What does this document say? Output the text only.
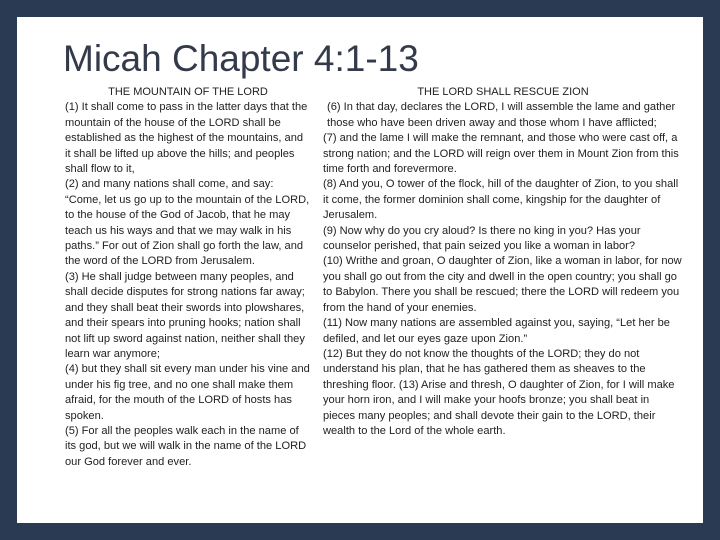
Micah Chapter 4:1-13
THE MOUNTAIN OF THE LORD
(1) It shall come to pass in the latter days that the mountain of the house of the LORD shall be established as the highest of the mountains, and it shall be lifted up above the hills; and peoples shall flow to it,
(2) and many nations shall come, and say: “Come, let us go up to the mountain of the LORD, to the house of the God of Jacob, that he may teach us his ways and that we may walk in his paths.” For out of Zion shall go forth the law, and the word of the LORD from Jerusalem.
(3) He shall judge between many peoples, and shall decide disputes for strong nations far away; and they shall beat their swords into plowshares, and their spears into pruning hooks; nation shall not lift up sword against nation, neither shall they learn war anymore;
(4) but they shall sit every man under his vine and under his fig tree, and no one shall make them afraid, for the mouth of the LORD of hosts has spoken.
(5) For all the peoples walk each in the name of its god, but we will walk in the name of the LORD our God forever and ever.
THE LORD SHALL RESCUE ZION
(6) In that day, declares the LORD, I will assemble the lame and gather those who have been driven away and those whom I have afflicted;
(7) and the lame I will make the remnant, and those who were cast off, a strong nation; and the LORD will reign over them in Mount Zion from this time forth and forevermore.
(8) And you, O tower of the flock, hill of the daughter of Zion, to you shall it come, the former dominion shall come, kingship for the daughter of Jerusalem.
(9) Now why do you cry aloud? Is there no king in you? Has your counselor perished, that pain seized you like a woman in labor?
(10) Writhe and groan, O daughter of Zion, like a woman in labor, for now you shall go out from the city and dwell in the open country; you shall go to Babylon. There you shall be rescued; there the LORD will redeem you from the hand of your enemies.
(11) Now many nations are assembled against you, saying, “Let her be defiled, and let our eyes gaze upon Zion.”
(12) But they do not know the thoughts of the LORD; they do not understand his plan, that he has gathered them as sheaves to the threshing floor. (13) Arise and thresh, O daughter of Zion, for I will make your horn iron, and I will make your hoofs bronze; you shall beat in pieces many peoples; and shall devote their gain to the LORD, their wealth to the Lord of the whole earth.
